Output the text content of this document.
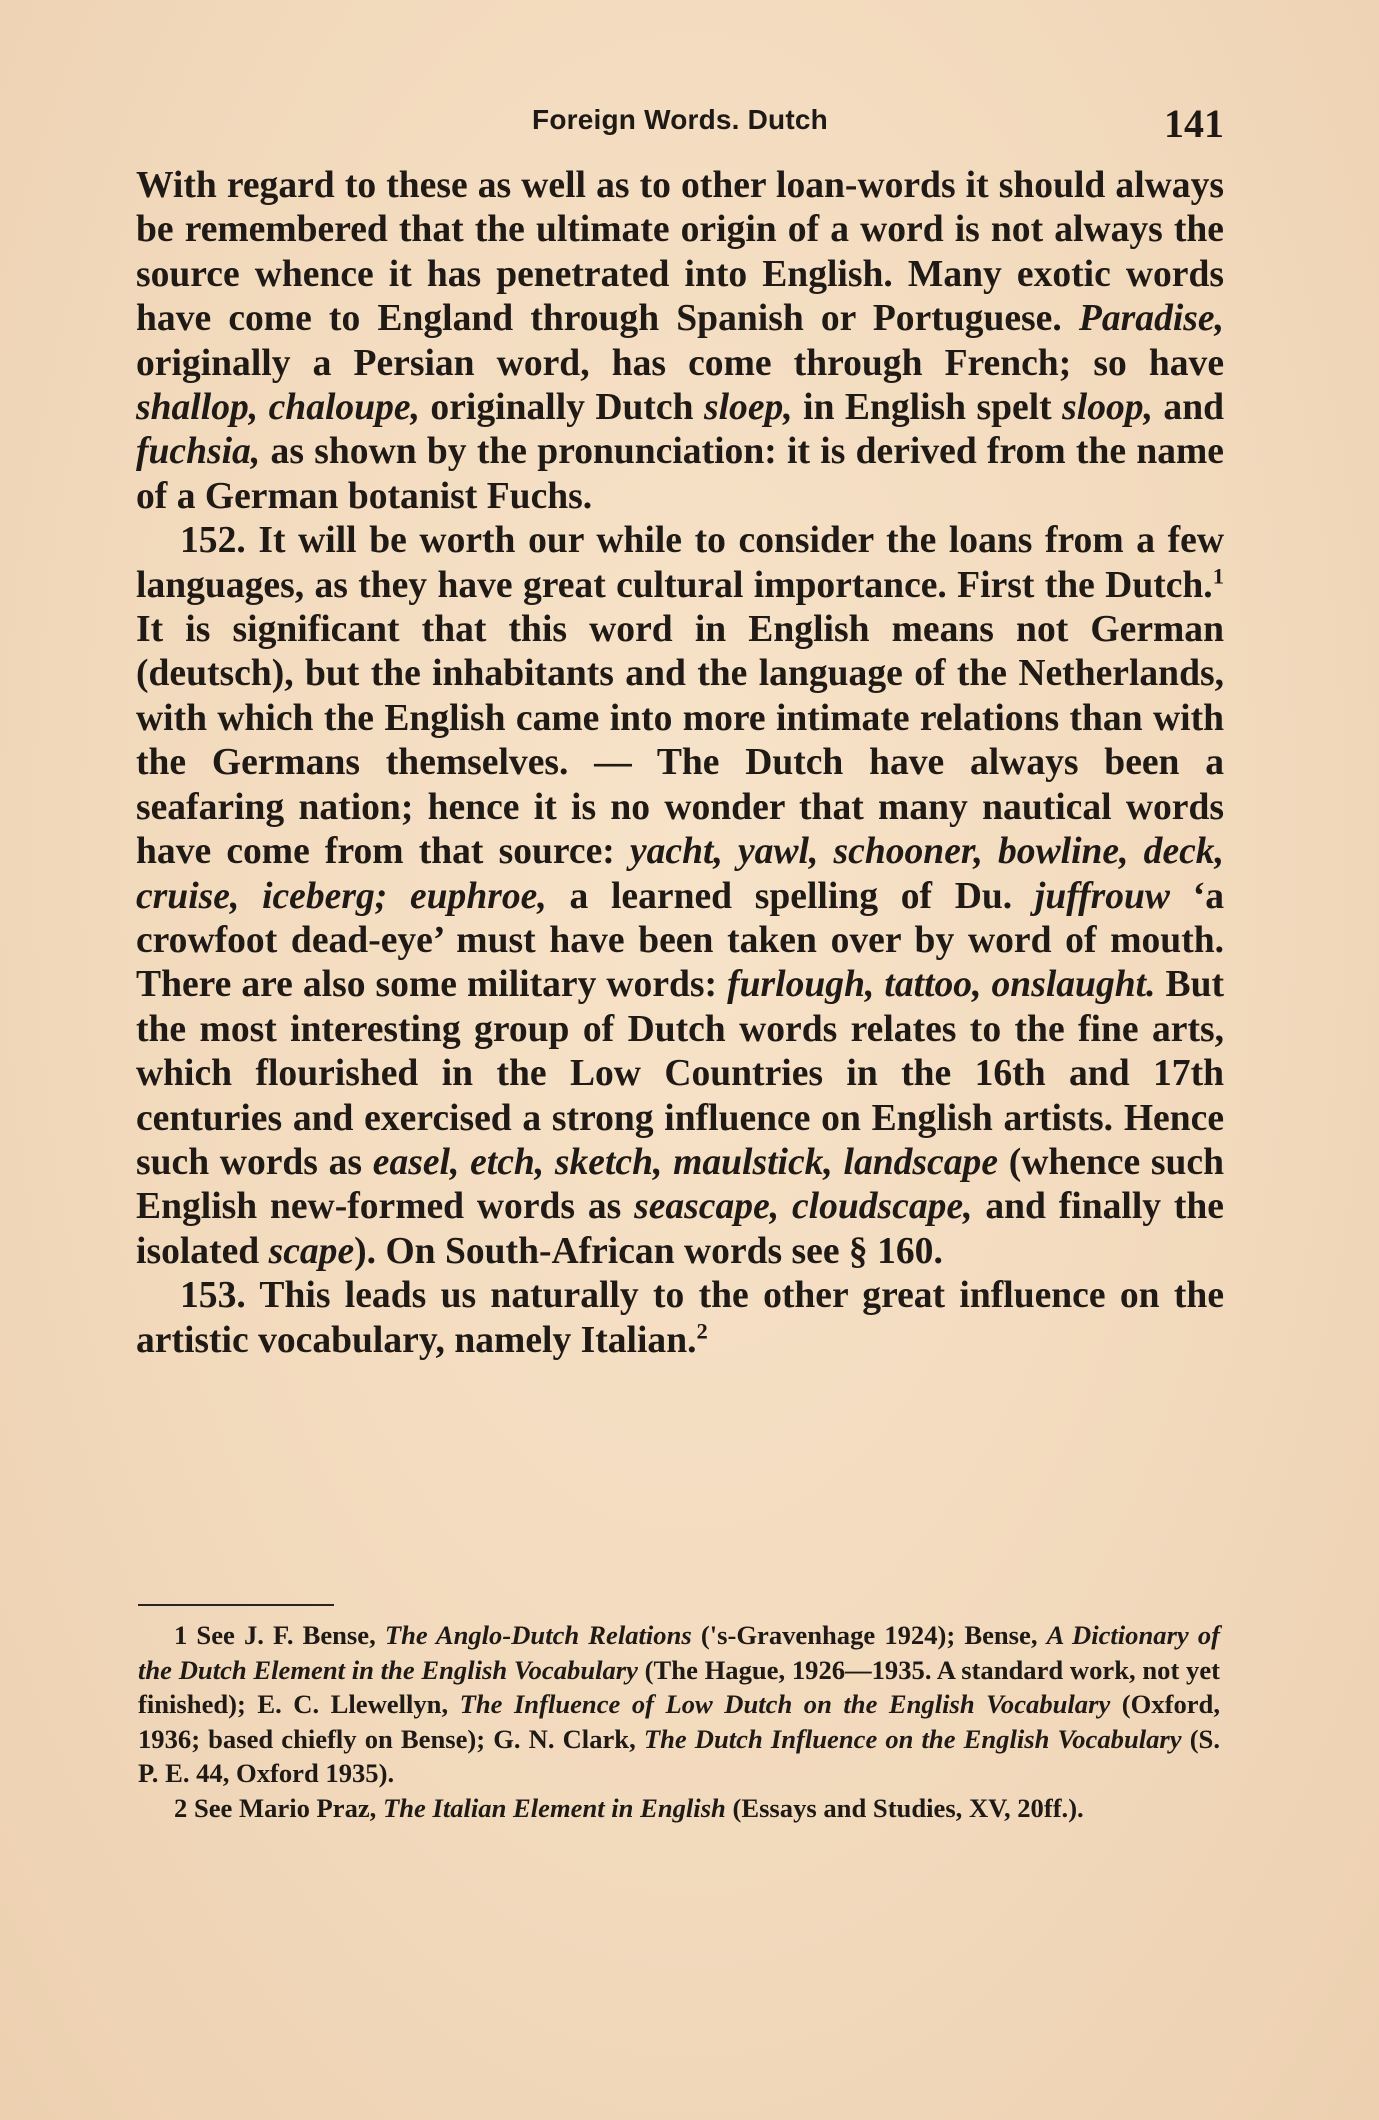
Foreign Words. Dutch	141

With regard to these as well as to other loan-words it should always be remembered that the ultimate origin of a word is not always the source whence it has penetrated into English. Many exotic words have come to England through Spanish or Portuguese. Paradise, originally a Persian word, has come through French; so have shallop, chaloupe, originally Dutch sloep, in English spelt sloop, and fuchsia, as shown by the pronunciation: it is derived from the name of a German botanist Fuchs.

152. It will be worth our while to consider the loans from a few languages, as they have great cultural importance. First the Dutch.$^1$ It is significant that this word in English means not German (deutsch), but the inhabitants and the language of the Netherlands, with which the English came into more intimate relations than with the Germans themselves. — The Dutch have always been a seafaring nation; hence it is no wonder that many nautical words have come from that source: yacht, yawl, schooner, bowline, deck, cruise, iceberg; euphroe, a learned spelling of Du. juffrouw ‘a crowfoot dead-eye’ must have been taken over by word of mouth. There are also some military words: furlough, tattoo, onslaught. But the most interesting group of Dutch words relates to the fine arts, which flourished in the Low Countries in the 16th and 17th centuries and exercised a strong influence on English artists. Hence such words as easel, etch, sketch, maulstick, landscape (whence such English new-formed words as seascape, cloudscape, and finally the isolated scape). On South-African words see § 160.

153. This leads us naturally to the other great influence on the artistic vocabulary, namely Italian.$^2$

1 See J. F. Bense, The Anglo-Dutch Relations ('s-Gravenhage 1924); Bense, A Dictionary of the Dutch Element in the English Vocabulary (The Hague, 1926—1935. A standard work, not yet finished); E. C. Llewellyn, The Influence of Low Dutch on the English Vocabulary (Oxford, 1936; based chiefly on Bense); G. N. Clark, The Dutch Influence on the English Vocabulary (S. P. E. 44, Oxford 1935).

2 See Mario Praz, The Italian Element in English (Essays and Studies, XV, 20ff.).
